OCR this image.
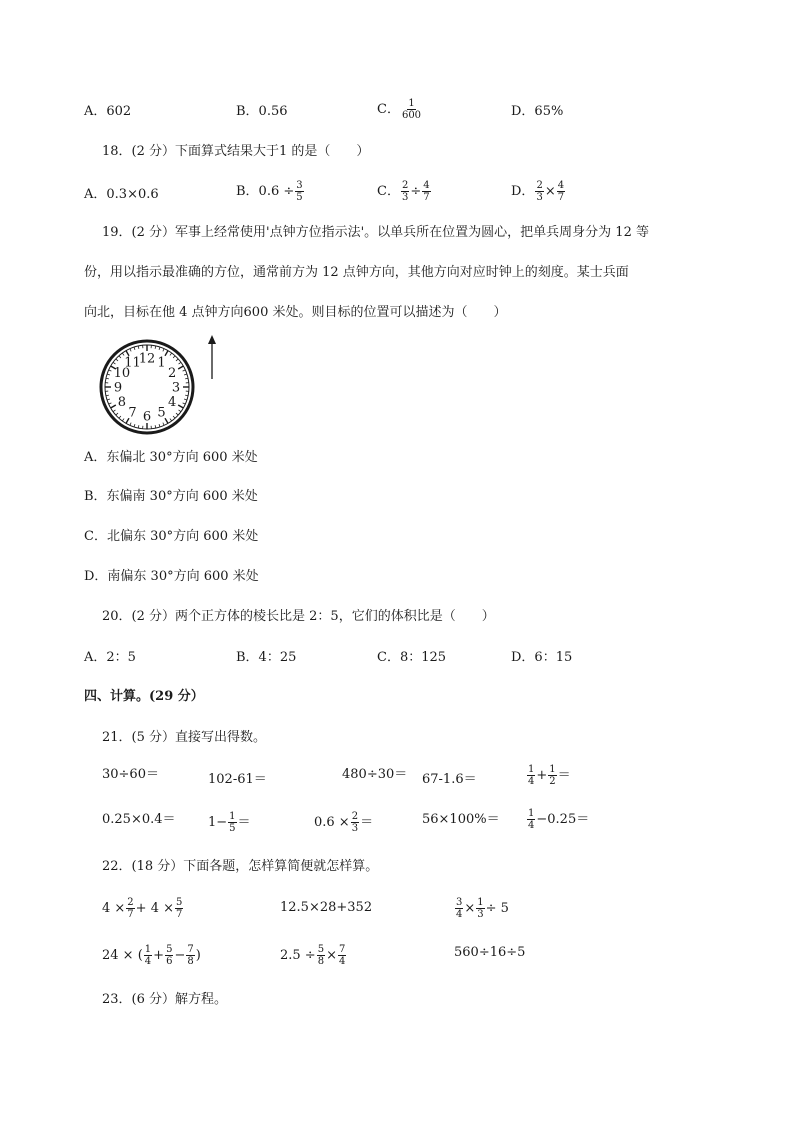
A．602	B．0.56	C． $\frac{1}{600}$	D．65%
18．(2 分）下面算式结果大于1 的是（　　）
A．0.3×0.6	B．$0.6 \div \frac{3}{5}$	C． $\frac{2}{3} \div \frac{4}{7}$	D． $\frac{2}{3} \times \frac{4}{7}$
19．(2 分）军事上经常使用'点钟方位指示法'。以单兵所在位置为圆心，把单兵周身分为 12 等
份，用以指示最准确的方位，通常前方为 12 点钟方向，其他方向对应时钟上的刻度。某士兵面
向北，目标在他 4 点钟方向600 米处。则目标的位置可以描述为（　　）
12 1
2
3
4
5
6
7
8
9
10
11
A．东偏北 30°方向 600 米处
B．东偏南 30°方向 600 米处
C．北偏东 30°方向 600 米处
D．南偏东 30°方向 600 米处
20．(2 分）两个正方体的棱长比是 2：5，它们的体积比是（　　）
A．2：5	B．4：25	C．8：125	D．6：15
四、计算。(29 分）
21．(5 分）直接写出得数。
30÷60＝	102-61＝	480÷30＝ 67-1.6＝	$\frac{1}{4} + \frac{1}{2}$ ＝
$0.25\times 0.4= 1- \frac{1}{5}$ ＝	$0.6 \times \frac{2}{3}$ ＝	56×100%＝	$\frac{1}{4} -0.25=$
22．(18 分）下面各题，怎样算简便就怎样算。
$4 \times \frac{2}{7} + 4 \times \frac{5}{7}$	12.5×28+352	$\frac{3}{4} \times \frac{1}{3} \div 5$
24 × ( $\frac{1}{4} + \frac{5}{6} - \frac{7}{8}$ )	$2.5 \div \frac{5}{8} \times \frac{7}{4}$	560÷16÷5
23．(6 分）解方程。
